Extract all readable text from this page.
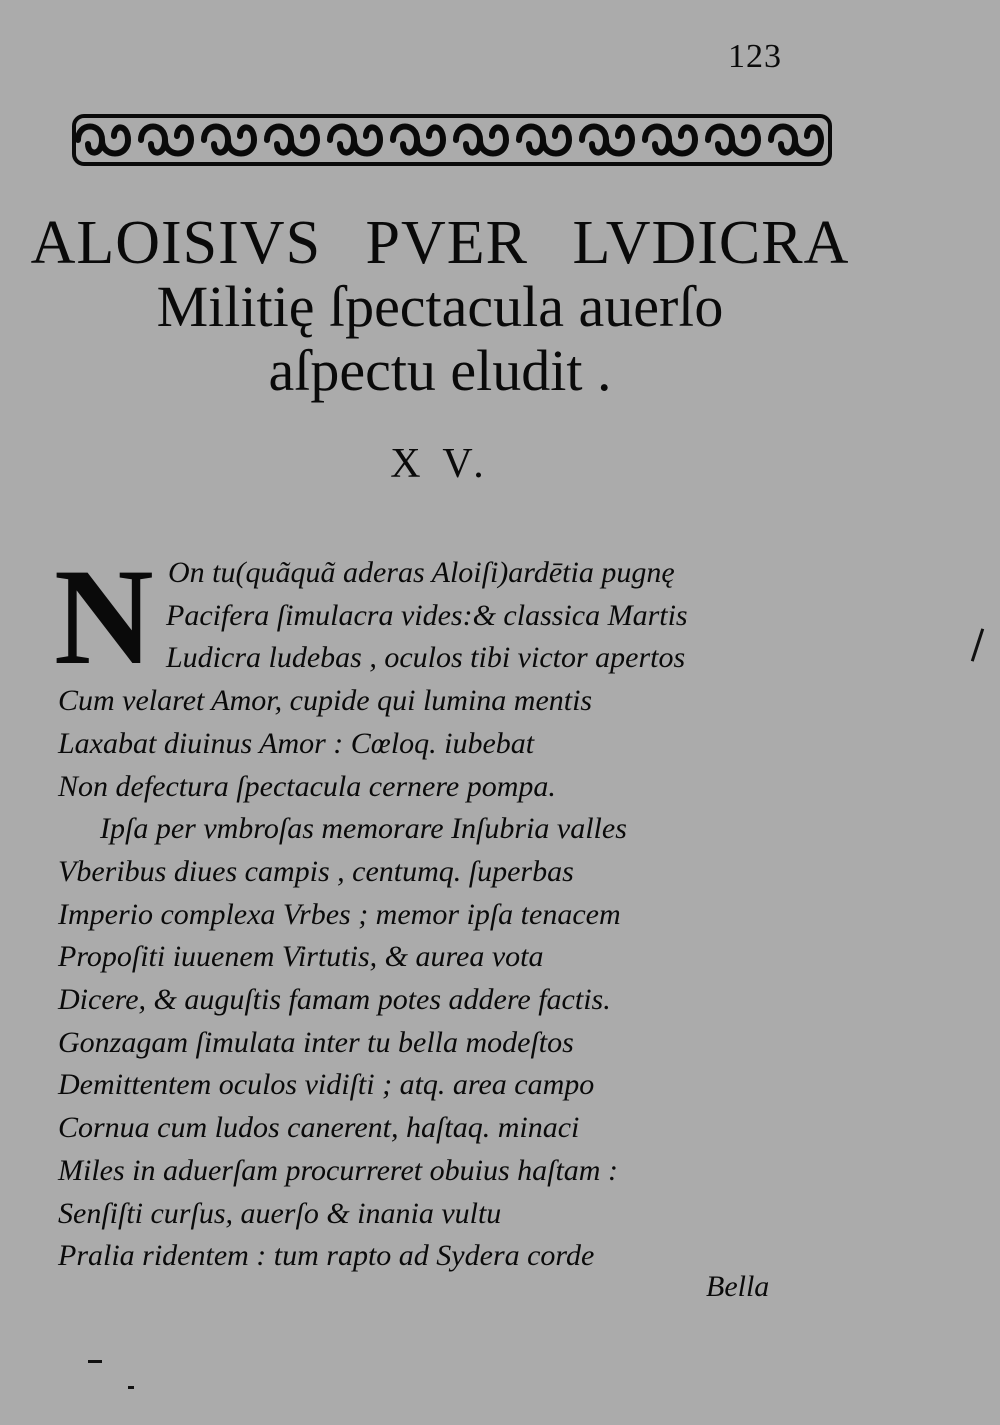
123
ALOISIVS PVER LVDICRA
Militię ſpectacula auerſo
aſpectu eludit .
X V.
N On tu(quãquã aderas Aloiſi)ardētia pugnę
Pacifera ſimulacra vides:& classica Martis
Ludicra ludebas , oculos tibi victor apertos
Cum velaret Amor, cupide qui lumina mentis
Laxabat diuinus Amor : Cœloq. iubebat
Non defectura ſpectacula cernere pompa.
Ipſa per vmbroſas memorare Inſubria valles
Vberibus diues campis , centumq. ſuperbas
Imperio complexa Vrbes ; memor ipſa tenacem
Propoſiti iuuenem Virtutis, & aurea vota
Dicere, & auguſtis famam potes addere factis.
Gonzagam ſimulata inter tu bella modeſtos
Demittentem oculos vidiſti ; atq. area campo
Cornua cum ludos canerent, haſtaq. minaci
Miles in aduerſam procurreret obuius haſtam :
Senſiſti curſus, auerſo & inania vultu
Pralia ridentem : tum rapto ad Sydera corde
Bella
